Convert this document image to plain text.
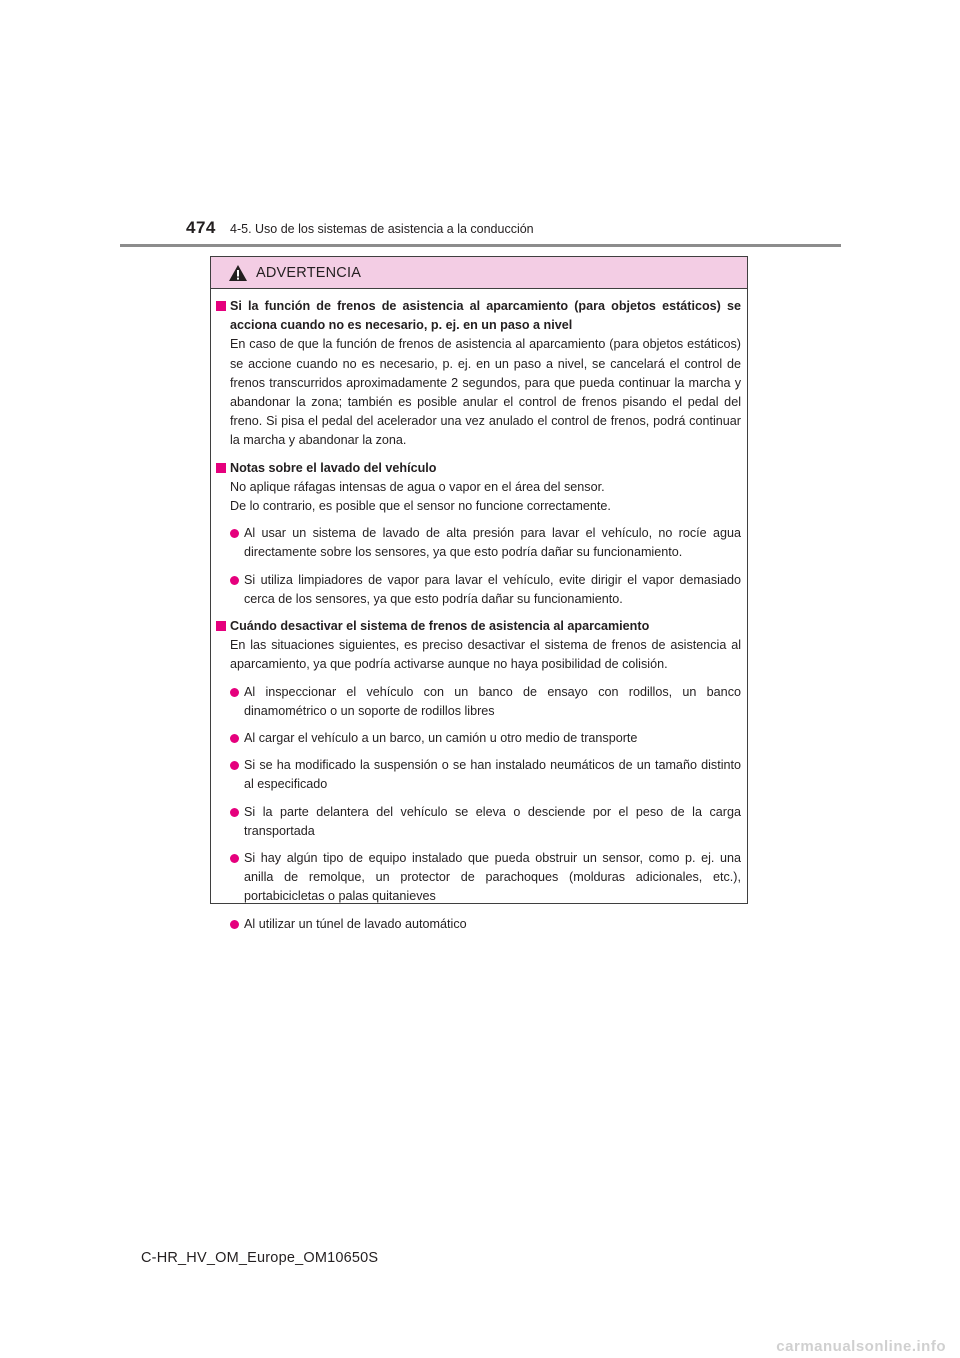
474 4-5. Uso de los sistemas de asistencia a la conducción
ADVERTENCIA
Si la función de frenos de asistencia al aparcamiento (para objetos estáticos) se acciona cuando no es necesario, p. ej. en un paso a nivel
En caso de que la función de frenos de asistencia al aparcamiento (para objetos estáticos) se accione cuando no es necesario, p. ej. en un paso a nivel, se cancelará el control de frenos transcurridos aproximadamente 2 segundos, para que pueda continuar la marcha y abandonar la zona; también es posible anular el control de frenos pisando el pedal del freno. Si pisa el pedal del acelerador una vez anulado el control de frenos, podrá continuar la marcha y abandonar la zona.
Notas sobre el lavado del vehículo
No aplique ráfagas intensas de agua o vapor en el área del sensor.
De lo contrario, es posible que el sensor no funcione correctamente.
Al usar un sistema de lavado de alta presión para lavar el vehículo, no rocíe agua directamente sobre los sensores, ya que esto podría dañar su funcionamiento.
Si utiliza limpiadores de vapor para lavar el vehículo, evite dirigir el vapor demasiado cerca de los sensores, ya que esto podría dañar su funcionamiento.
Cuándo desactivar el sistema de frenos de asistencia al aparcamiento
En las situaciones siguientes, es preciso desactivar el sistema de frenos de asistencia al aparcamiento, ya que podría activarse aunque no haya posibilidad de colisión.
Al inspeccionar el vehículo con un banco de ensayo con rodillos, un banco dinamométrico o un soporte de rodillos libres
Al cargar el vehículo a un barco, un camión u otro medio de transporte
Si se ha modificado la suspensión o se han instalado neumáticos de un tamaño distinto al especificado
Si la parte delantera del vehículo se eleva o desciende por el peso de la carga transportada
Si hay algún tipo de equipo instalado que pueda obstruir un sensor, como p. ej. una anilla de remolque, un protector de parachoques (molduras adicionales, etc.), portabicicletas o palas quitanieves
Al utilizar un túnel de lavado automático
C-HR_HV_OM_Europe_OM10650S
carmanualsonline.info
